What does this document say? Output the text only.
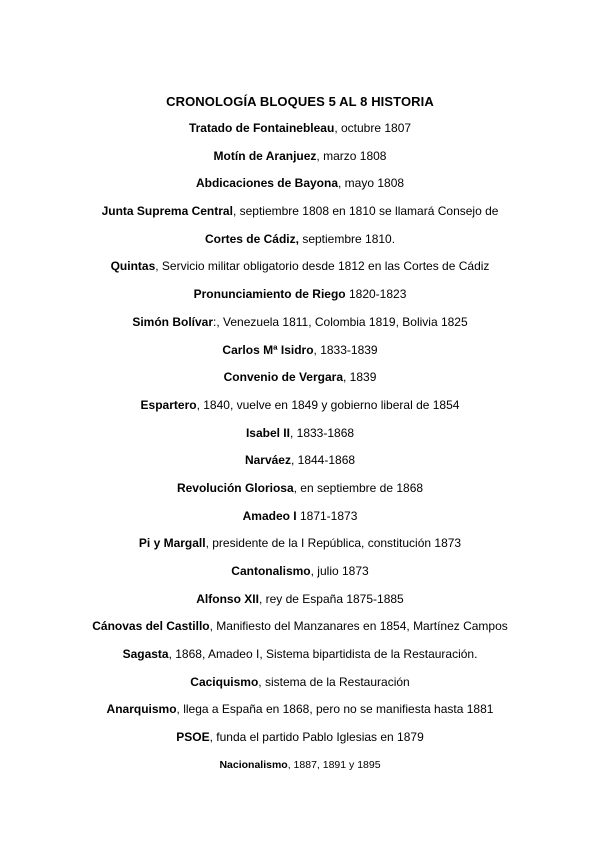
CRONOLOGÍA BLOQUES 5 AL 8 HISTORIA
Tratado de Fontainebleau, octubre 1807
Motín de Aranjuez, marzo 1808
Abdicaciones de Bayona, mayo 1808
Junta Suprema Central, septiembre 1808 en 1810 se llamará Consejo de
Cortes de Cádiz, septiembre 1810.
Quintas, Servicio militar obligatorio desde 1812 en las Cortes de Cádiz
Pronunciamiento de Riego 1820-1823
Simón Bolívar:, Venezuela 1811, Colombia 1819, Bolivia 1825
Carlos Mª Isidro, 1833-1839
Convenio de Vergara, 1839
Espartero, 1840, vuelve en 1849 y gobierno liberal de 1854
Isabel II, 1833-1868
Narváez, 1844-1868
Revolución Gloriosa, en septiembre de 1868
Amadeo I 1871-1873
Pi y Margall, presidente de la I República, constitución 1873
Cantonalismo, julio 1873
Alfonso XII, rey de España 1875-1885
Cánovas del Castillo, Manifiesto del Manzanares en 1854, Martínez Campos
Sagasta, 1868, Amadeo I, Sistema bipartidista de la Restauración.
Caciquismo, sistema de la Restauración
Anarquismo, llega a España en 1868, pero no se manifiesta hasta 1881
PSOE, funda el partido Pablo Iglesias en 1879
Nacionalismo, 1887, 1891 y 1895
